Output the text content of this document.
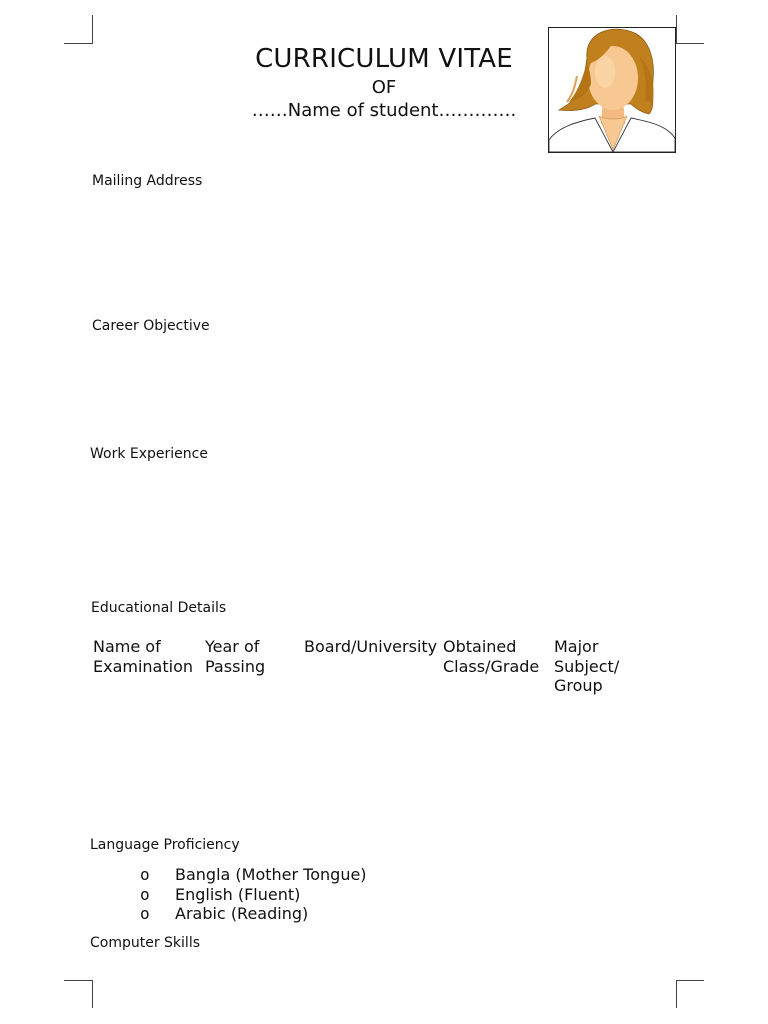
CURRICULUM VITAE
OF
……Name of student………….
Mailing Address
Career Objective
Work Experience
Educational Details
Name of
Examination
Year of
Passing
Board/University Obtained
Class/Grade
Major
Subject/
Group
Language Proficiency
o Bangla (Mother Tongue)
o English (Fluent)
o Arabic (Reading)
Computer Skills
